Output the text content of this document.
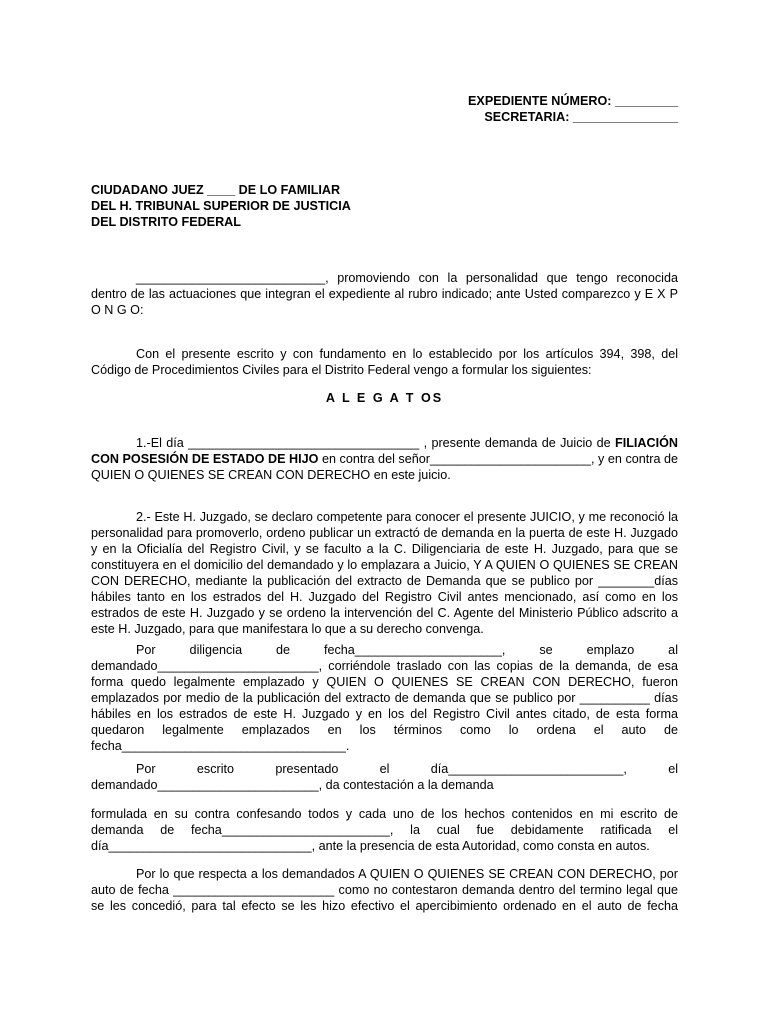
EXPEDIENTE NÚMERO: _________
SECRETARIA: _______________
CIUDADANO JUEZ ____ DE LO FAMILIAR
DEL H. TRIBUNAL SUPERIOR DE JUSTICIA
DEL DISTRITO FEDERAL
___________________________, promoviendo con la personalidad que tengo reconocida dentro de las actuaciones que integran el expediente al rubro indicado; ante Usted comparezco y E X P O N G O:
Con el presente escrito y con fundamento en lo establecido por los artículos 394, 398, del Código de Procedimientos Civiles para el Distrito Federal vengo a formular los siguientes:
A L E G A T OS
1.-El día _________________________________ , presente demanda de Juicio de FILIACIÓN CON POSESIÓN DE ESTADO DE HIJO en contra del señor_______________________, y en contra de QUIEN O QUIENES SE CREAN CON DERECHO en este juicio.
2.- Este H. Juzgado, se declaro competente para conocer el presente JUICIO, y me reconoció la personalidad para promoverlo, ordeno publicar un extractó de demanda en la puerta de este H. Juzgado y en la Oficialía del Registro Civil, y se faculto a la C. Diligenciaria de este H. Juzgado, para que se constituyera en el domicilio del demandado y lo emplazara a Juicio, Y A QUIEN O QUIENES SE CREAN CON DERECHO, mediante la publicación del extracto de Demanda que se publico por ________días hábiles tanto en los estrados del H. Juzgado del Registro Civil antes mencionado, así como en los estrados de este H. Juzgado y se ordeno la intervención del C. Agente del Ministerio Público adscrito a este H. Juzgado, para que manifestara lo que a su derecho convenga.
Por diligencia de fecha_____________________, se emplazo al demandado_______________________, corriéndole traslado con las copias de la demanda, de esa forma quedo legalmente emplazado y QUIEN O QUIENES SE CREAN CON DERECHO, fueron emplazados por medio de la publicación del extracto de demanda que se publico por __________ días hábiles en los estrados de este H. Juzgado y en los del Registro Civil antes citado, de esta forma quedaron legalmente emplazados en los términos como lo ordena el auto de fecha________________________________.
Por escrito presentado el día_________________________, el demandado_______________________, da contestación a la demanda
formulada en su contra confesando todos y cada uno de los hechos contenidos en mi escrito de demanda de fecha________________________, la cual fue debidamente ratificada el día_____________________________, ante la presencia de esta Autoridad, como consta en autos.
Por lo que respecta a los demandados A QUIEN O QUIENES SE CREAN CON DERECHO, por auto de fecha _______________________ como no contestaron demanda dentro del termino legal que se les concedió, para tal efecto se les hizo efectivo el apercibimiento ordenado en el auto de fecha
